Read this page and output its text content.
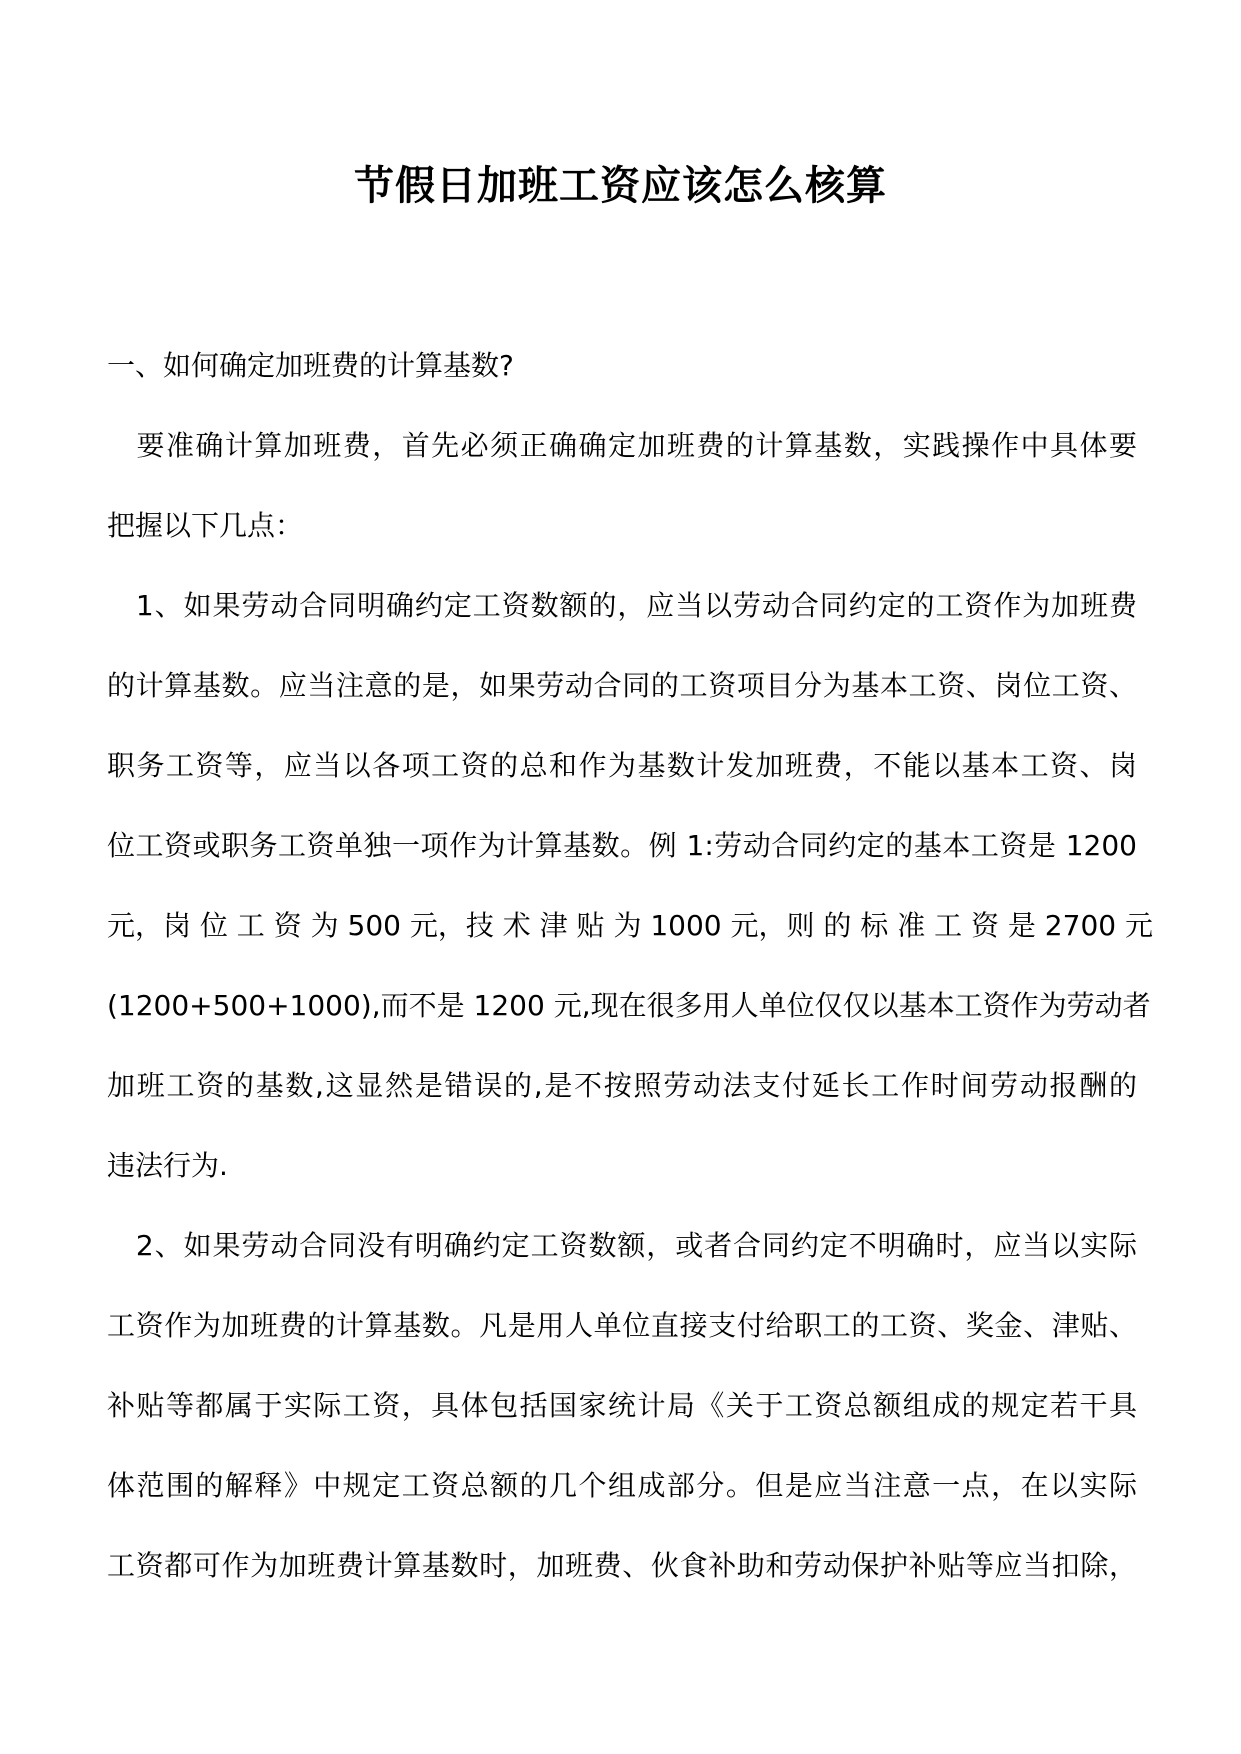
节假日加班工资应该怎么核算
一、如何确定加班费的计算基数?
　要准确计算加班费，首先必须正确确定加班费的计算基数，实践操作中具体要
把握以下几点：
　1、如果劳动合同明确约定工资数额的，应当以劳动合同约定的工资作为加班费
的计算基数。应当注意的是，如果劳动合同的工资项目分为基本工资、岗位工资、
职务工资等，应当以各项工资的总和作为基数计发加班费，不能以基本工资、岗
位工资或职务工资单独一项作为计算基数。例 1:劳动合同约定的基本工资是 1200
元，岗 位 工 资 为 500 元，技 术 津 贴 为 1000 元，则 的 标 准 工 资 是 2700 元
(1200+500+1000),而不是 1200 元,现在很多用人单位仅仅以基本工资作为劳动者
加班工资的基数,这显然是错误的,是不按照劳动法支付延长工作时间劳动报酬的
违法行为.
　2、如果劳动合同没有明确约定工资数额，或者合同约定不明确时，应当以实际
工资作为加班费的计算基数。凡是用人单位直接支付给职工的工资、奖金、津贴、
补贴等都属于实际工资，具体包括国家统计局《关于工资总额组成的规定若干具
体范围的解释》中规定工资总额的几个组成部分。但是应当注意一点，在以实际
工资都可作为加班费计算基数时，加班费、伙食补助和劳动保护补贴等应当扣除，
